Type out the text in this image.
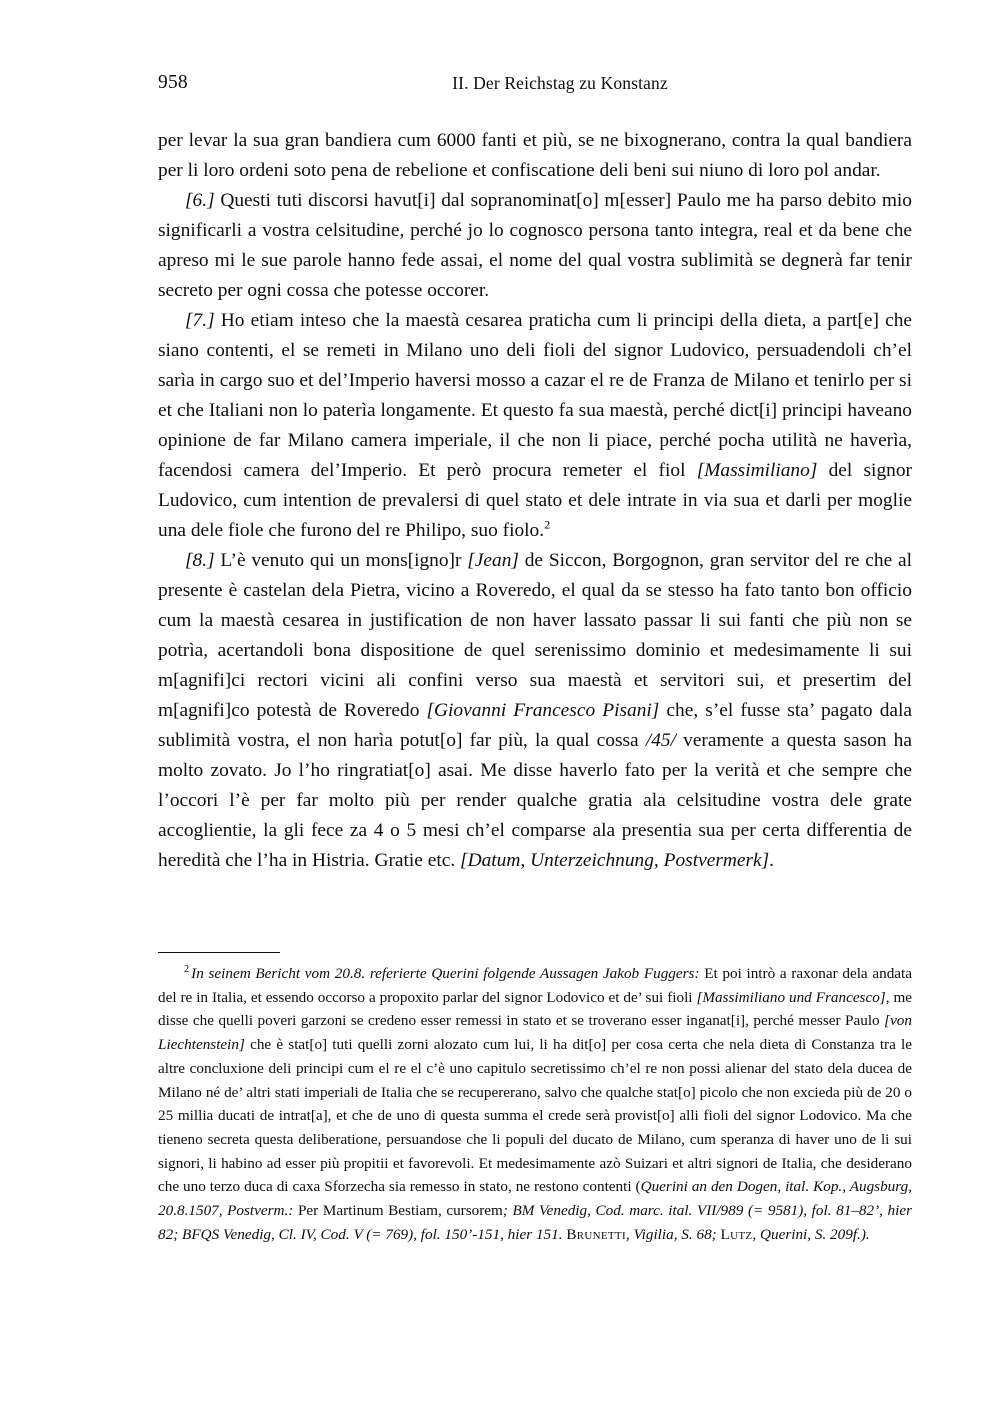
958	II. Der Reichstag zu Konstanz

per levar la sua gran bandiera cum 6000 fanti et più, se ne bixognerano, contra la qual bandiera per li loro ordeni soto pena de rebelione et confiscatione deli beni sui niuno di loro pol andar.

[6.] Questi tuti discorsi havut[i] dal sopranominat[o] m[esser] Paulo me ha parso debito mio significarli a vostra celsitudine, perché jo lo cognosco persona tanto integra, real et da bene che apreso mi le sue parole hanno fede assai, el nome del qual vostra sublimità se degnerà far tenir secreto per ogni cossa che potesse occorer.

[7.] Ho etiam inteso che la maestà cesarea praticha cum li principi della dieta, a part[e] che siano contenti, el se remeti in Milano uno deli fioli del signor Ludovico, persuadendoli ch’el sarìa in cargo suo et del’Imperio haversi mosso a cazar el re de Franza de Milano et tenirlo per si et che Italiani non lo paterìa longamente. Et questo fa sua maestà, perché dict[i] principi haveano opinione de far Milano camera imperiale, il che non li piace, perché pocha utilità ne haverìa, facendosi camera del’Imperio. Et però procura remeter el fiol [Massimiliano] del signor Ludovico, cum intention de prevalersi di quel stato et dele intrate in via sua et darli per moglie una dele fiole che furono del re Philipo, suo fiolo.$^2$

[8.] L’è venuto qui un mons[igno]r [Jean] de Siccon, Borgognon, gran servitor del re che al presente è castelan dela Pietra, vicino a Roveredo, el qual da se stesso ha fato tanto bon officio cum la maestà cesarea in justification de non haver lassato passar li sui fanti che più non se potrìa, acertandoli bona dispositione de quel serenissimo dominio et medesimamente li sui m[agnifi]ci rectori vicini ali confini verso sua maestà et servitori sui, et presertim del m[agnifi]co potestà de Roveredo [Giovanni Francesco Pisani] che, s’el fusse sta’ pagato dala sublimità vostra, el non harìa potut[o] far più, la qual cossa /45/ veramente a questa sason ha molto zovato. Jo l’ho ringratiat[o] asai. Me disse haverlo fato per la verità et che sempre che l’occori l’è per far molto più per render qualche gratia ala celsitudine vostra dele grate accoglientie, la gli fece za 4 o 5 mesi ch’el comparse ala presentia sua per certa differentia de heredità che l’ha in Histria. Gratie etc. [Datum, Unterzeichnung, Postvermerk].

$^2$ In seinem Bericht vom 20.8. referierte Querini folgende Aussagen Jakob Fuggers: Et poi intrò a raxonar dela andata del re in Italia, et essendo occorso a propoxito parlar del signor Lodovico et de’ sui fioli [Massimiliano und Francesco], me disse che quelli poveri garzoni se credeno esser remessi in stato et se troverano esser inganat[i], perché messer Paulo [von Liechtenstein] che è stat[o] tuti quelli zorni alozato cum lui, li ha dit[o] per cosa certa che nela dieta di Constanza tra le altre concluxione deli principi cum el re el c’è uno capitulo secretissimo ch’el re non possi alienar del stato dela ducea de Milano né de’ altri stati imperiali de Italia che se recupererano, salvo che qualche stat[o] picolo che non excieda più de 20 o 25 millia ducati de intrat[a], et che de uno di questa summa el crede serà provist[o] alli fioli del signor Lodovico. Ma che tieneno secreta questa deliberatione, persuandose che li populi del ducato de Milano, cum speranza di haver uno de li sui signori, li habino ad esser più propitii et favorevoli. Et medesimamente azò Suizari et altri signori de Italia, che desiderano che uno terzo duca di caxa Sforzecha sia remesso in stato, ne restono contenti (Querini an den Dogen, ital. Kop., Augsburg, 20.8.1507, Postverm.: Per Martinum Bestiam, cursorem; BM Venedig, Cod. marc. ital. VII/989 (= 9581), fol. 81–82’, hier 82; BFQS Venedig, Cl. IV, Cod. V (= 769), fol. 150’-151, hier 151. Brunetti, Vigilia, S. 68; Lutz, Querini, S. 209f.).
